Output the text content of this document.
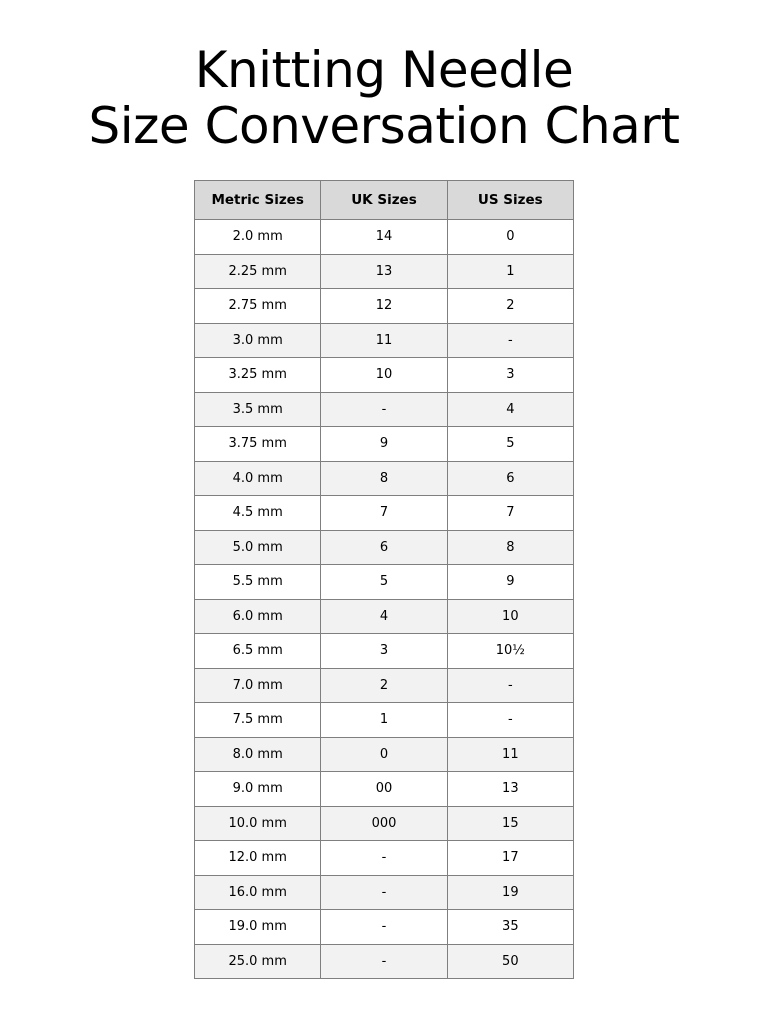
Knitting Needle
Size Conversation Chart
Metric Sizes	UK Sizes	US Sizes
2.0 mm	14	0
2.25 mm	13	1
2.75 mm	12	2
3.0 mm	11	-
3.25 mm	10	3
3.5 mm	-	4
3.75 mm	9	5
4.0 mm	8	6
4.5 mm	7	7
5.0 mm	6	8
5.5 mm	5	9
6.0 mm	4	10
6.5 mm	3	10½
7.0 mm	2	-
7.5 mm	1	-
8.0 mm	0	11
9.0 mm	00	13
10.0 mm	000	15
12.0 mm	-	17
16.0 mm	-	19
19.0 mm	-	35
25.0 mm	-	50
